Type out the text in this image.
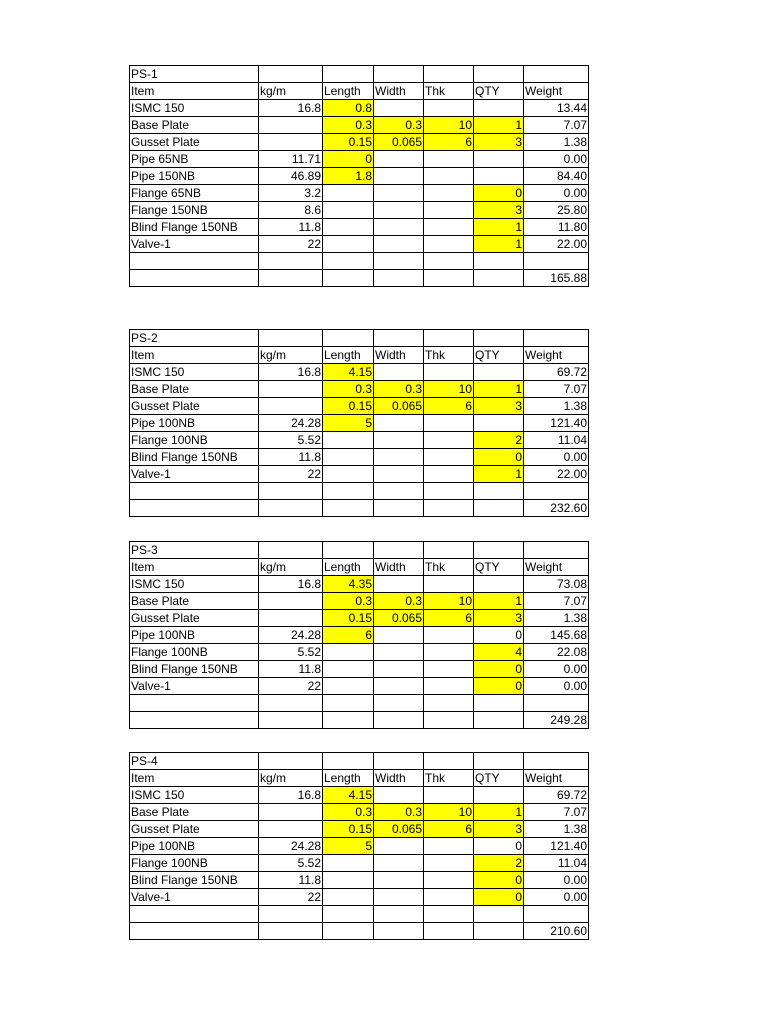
PS-1						
Item	kg/m	Length	Width	Thk	QTY	Weight
ISMC 150	16.8	0.8				13.44
Base Plate		0.3	0.3	10	1	7.07
Gusset Plate		0.15	0.065	6	3	1.38
Pipe 65NB	11.71	0				0.00
Pipe 150NB	46.89	1.8				84.40
Flange 65NB	3.2				0	0.00
Flange 150NB	8.6				3	25.80
Blind Flange 150NB	11.8				1	11.80
Valve-1	22				1	22.00

						165.88
PS-2						
Item	kg/m	Length	Width	Thk	QTY	Weight
ISMC 150	16.8	4.15				69.72
Base Plate		0.3	0.3	10	1	7.07
Gusset Plate		0.15	0.065	6	3	1.38
Pipe 100NB	24.28	5				121.40
Flange 100NB	5.52				2	11.04
Blind Flange 150NB	11.8				0	0.00
Valve-1	22				1	22.00

						232.60
PS-3						
Item	kg/m	Length	Width	Thk	QTY	Weight
ISMC 150	16.8	4.35				73.08
Base Plate		0.3	0.3	10	1	7.07
Gusset Plate		0.15	0.065	6	3	1.38
Pipe 100NB	24.28	6			0	145.68
Flange 100NB	5.52				4	22.08
Blind Flange 150NB	11.8				0	0.00
Valve-1	22				0	0.00

						249.28
PS-4						
Item	kg/m	Length	Width	Thk	QTY	Weight
ISMC 150	16.8	4.15				69.72
Base Plate		0.3	0.3	10	1	7.07
Gusset Plate		0.15	0.065	6	3	1.38
Pipe 100NB	24.28	5			0	121.40
Flange 100NB	5.52				2	11.04
Blind Flange 150NB	11.8				0	0.00
Valve-1	22				0	0.00

						210.60
